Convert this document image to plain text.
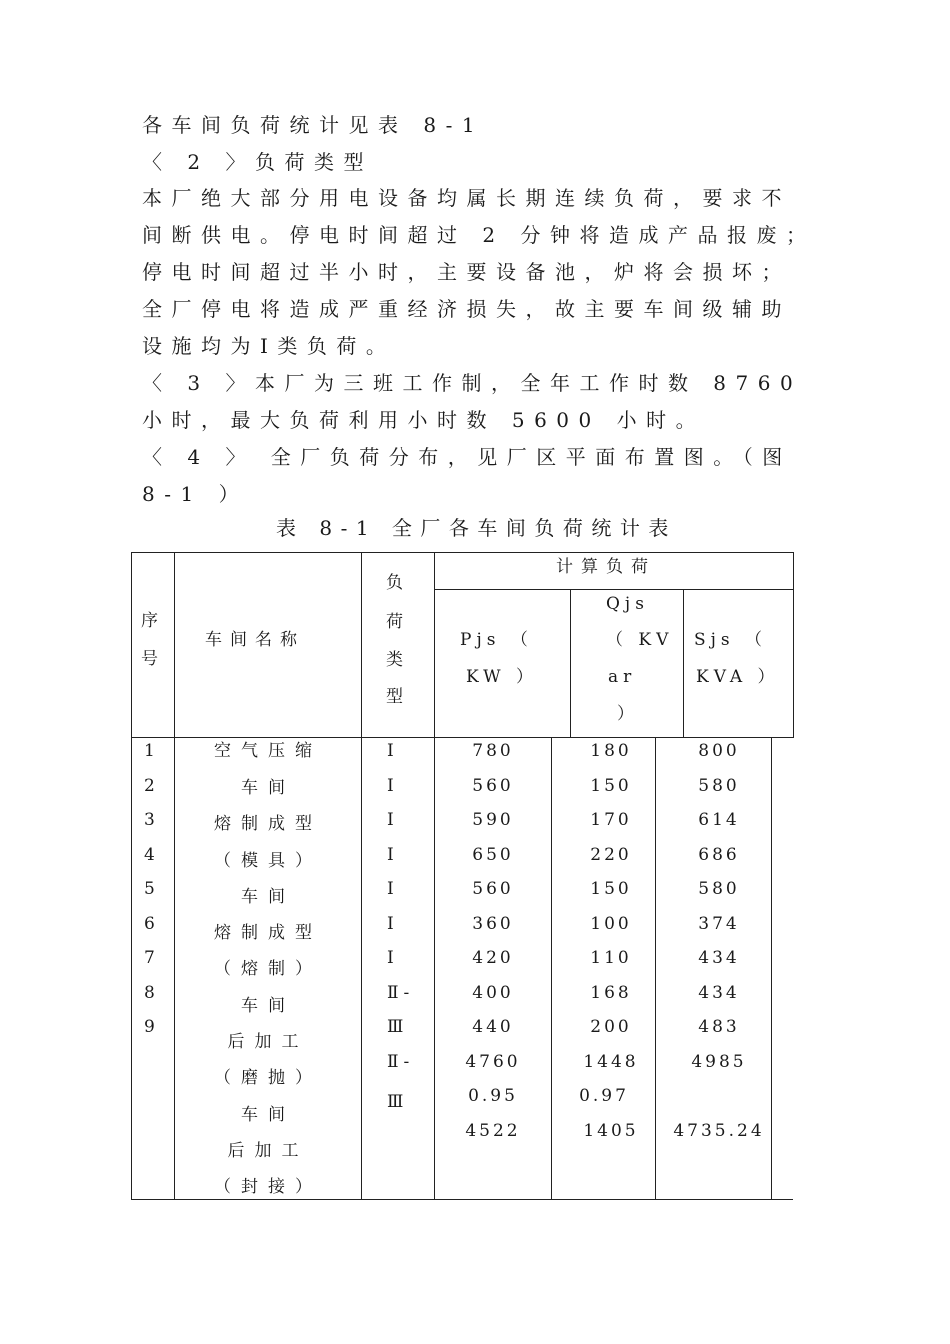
各车间负荷统计见表 8-1
〈 2 〉负荷类型
本厂绝大部分用电设备均属长期连续负荷，要求不
间断供电。停电时间超过 2 分钟将造成产品报废；
停电时间超过半小时，主要设备池，炉将会损坏；
全厂停电将造成严重经济损失，故主要车间级辅助
设施均为Ⅰ类负荷。
〈 3 〉本厂为三班工作制，全年工作时数 8760
小时，最大负荷利用小时数 5600 小时。
〈 4 〉 全厂负荷分布，见厂区平面布置图。（图
8-1 ）
表 8-1 全厂各车间负荷统计表
序
号
车间名称
负
荷
类
型
计算负荷
Pjs （
KW ）
Qjs
（ KV
ar
）
Sjs （
KVA ）
1
2
3
4
5
6
7
8
9
空气压缩
车间
熔制成型
（模具）
车间
熔制成型
（熔制）
车间
后加工
（磨抛）
车间
后加工
（封接）
Ⅰ
Ⅰ
Ⅰ
Ⅰ
Ⅰ
Ⅰ
Ⅰ
Ⅱ-
Ⅲ
Ⅱ-
Ⅲ
780
560
590
650
560
360
420
400
440
4760
0.95
4522
180
150
170
220
150
100
110
168
200
1448
0.97
1405
800
580
614
686
580
374
434
434
483
4985
4735.24
